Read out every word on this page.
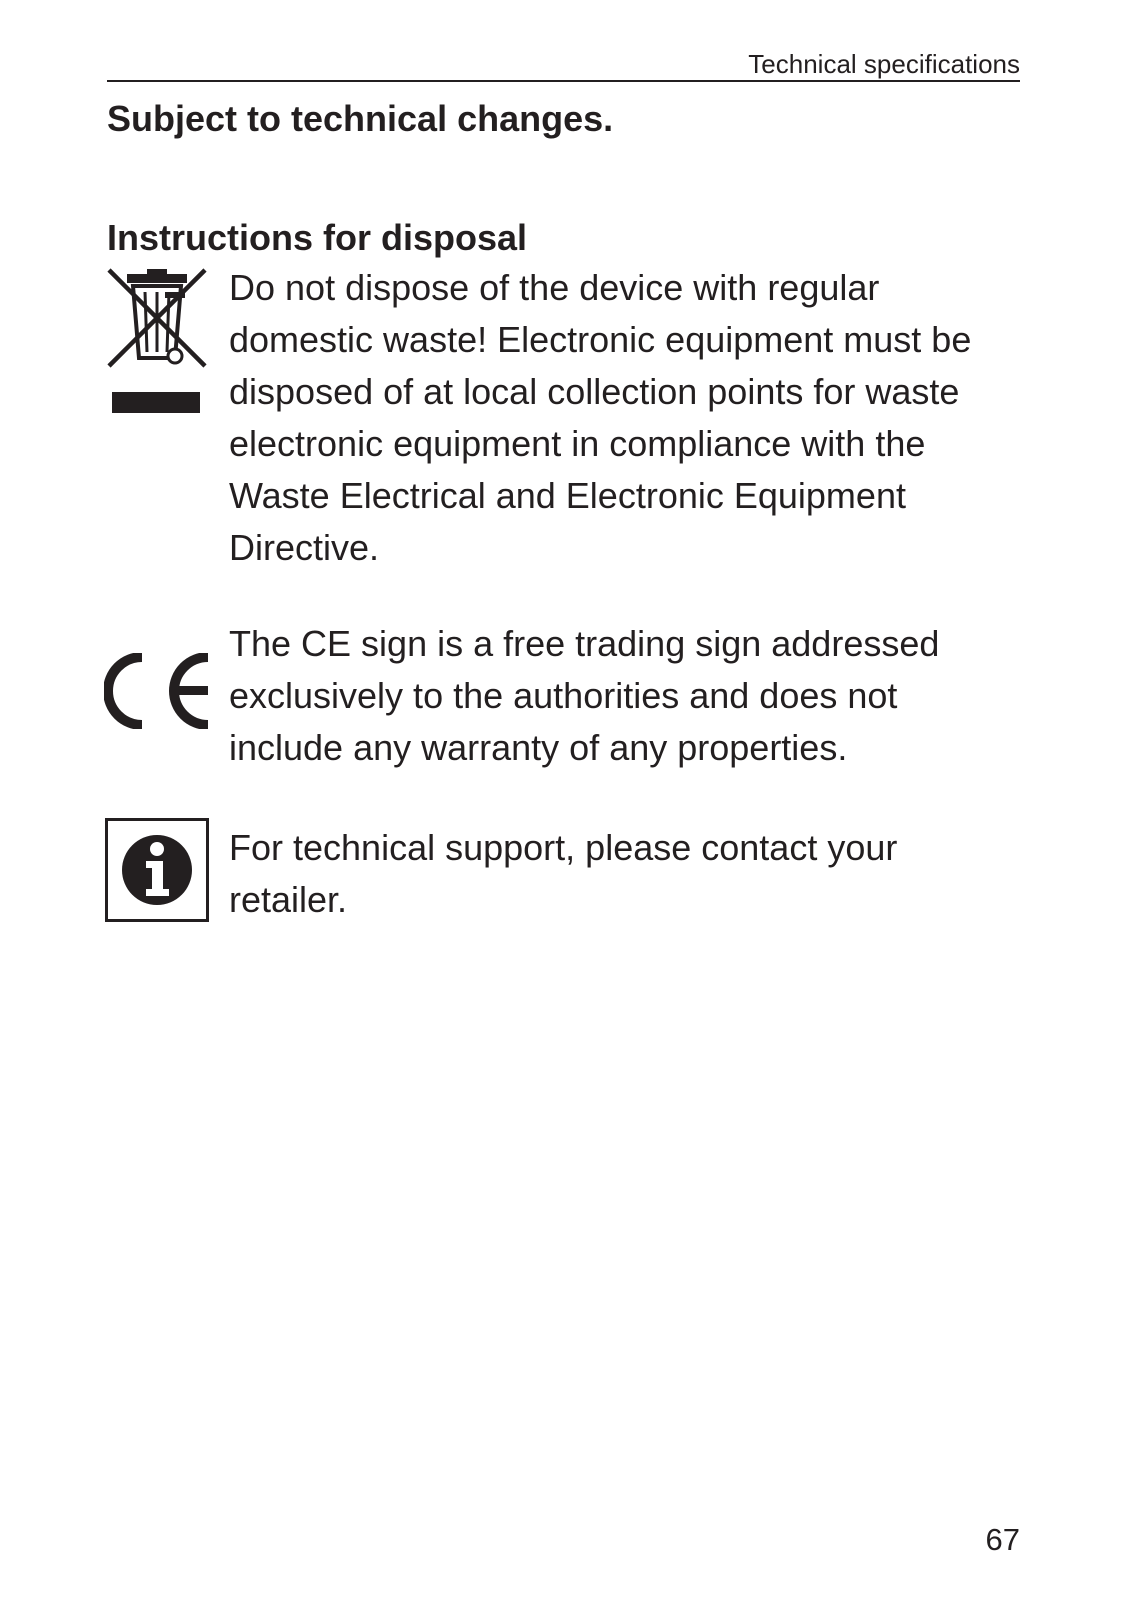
Technical specifications
Subject to technical changes.
Instructions for disposal

Do not dispose of the device with regular domestic waste! Electronic equipment must be disposed of at local collection points for waste electronic equipment in compliance with the Waste Electrical and Electronic Equipment Directive.

The CE sign is a free trading sign addressed exclusively to the authorities and does not include any warranty of any properties.

For technical support, please contact your retailer.

67
